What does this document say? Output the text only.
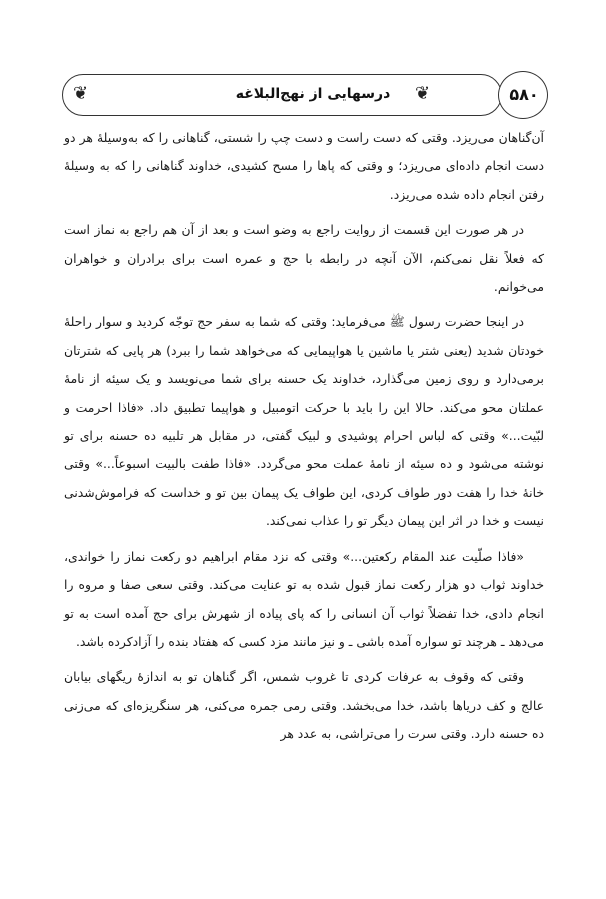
❦	درسهایی از نهج‌البلاغه	❦	۵۸۰

آن‌گناهان می‌ریزد. وقتی که دست راست و دست چپ را شستی، گناهانی را که به‌وسیلهٔ هر دو دست انجام داده‌ای می‌ریزد؛ و وقتی که پاها را مسح کشیدی، خداوند گناهانی را که به وسیلهٔ رفتن انجام داده شده می‌ریزد.

در هر صورت این قسمت از روایت راجع به وضو است و بعد از آن هم راجع به نماز است که فعلاً نقل نمی‌کنم، الآن آنچه در رابطه با حج و عمره است برای برادران و خواهران می‌خوانم.

در اینجا حضرت رسول ﷺ می‌فرماید: وقتی که شما به سفر حج توجّه کردید و سوار راحلهٔ خودتان شدید (یعنی شتر یا ماشین یا هواپیمایی که می‌خواهد شما را ببرد) هر پایی که شترتان برمی‌دارد و روی زمین می‌گذارد، خداوند یک حسنه برای شما می‌نویسد و یک سیئه از نامهٔ عملتان محو می‌کند. حالا این را باید با حرکت اتومبیل و هواپیما تطبیق داد. «فاذا احرمت و لبّیت...» وقتی که لباس احرام پوشیدی و لبیک گفتی، در مقابل هر تلبیه ده حسنه برای تو نوشته می‌شود و ده سیئه از نامهٔ عملت محو می‌گردد. «فاذا طفت بالبیت اسبوعاً...» وقتی خانهٔ خدا را هفت دور طواف کردی، این طواف یک پیمان بین تو و خداست که فراموش‌شدنی نیست و خدا در اثر این پیمان دیگر تو را عذاب نمی‌کند.

«فاذا صلّیت عند المقام رکعتین...» وقتی که نزد مقام ابراهیم دو رکعت نماز را خواندی، خداوند ثواب دو هزار رکعت نماز قبول شده به تو عنایت می‌کند. وقتی سعی صفا و مروه را انجام دادی، خدا تفضلاً ثواب آن انسانی را که پای پیاده از شهرش برای حج آمده است به تو می‌دهد ـ هرچند تو سواره آمده باشی ـ و نیز مانند مزد کسی که هفتاد بنده را آزادکرده باشد.

وقتی که وقوف به عرفات کردی تا غروب شمس، اگر گناهان تو به اندازهٔ ریگهای بیابان عالج و کف دریاها باشد، خدا می‌بخشد. وقتی رمی جمره می‌کنی، هر سنگریزه‌ای که می‌زنی ده حسنه دارد. وقتی سرت را می‌تراشی، به عدد هر
